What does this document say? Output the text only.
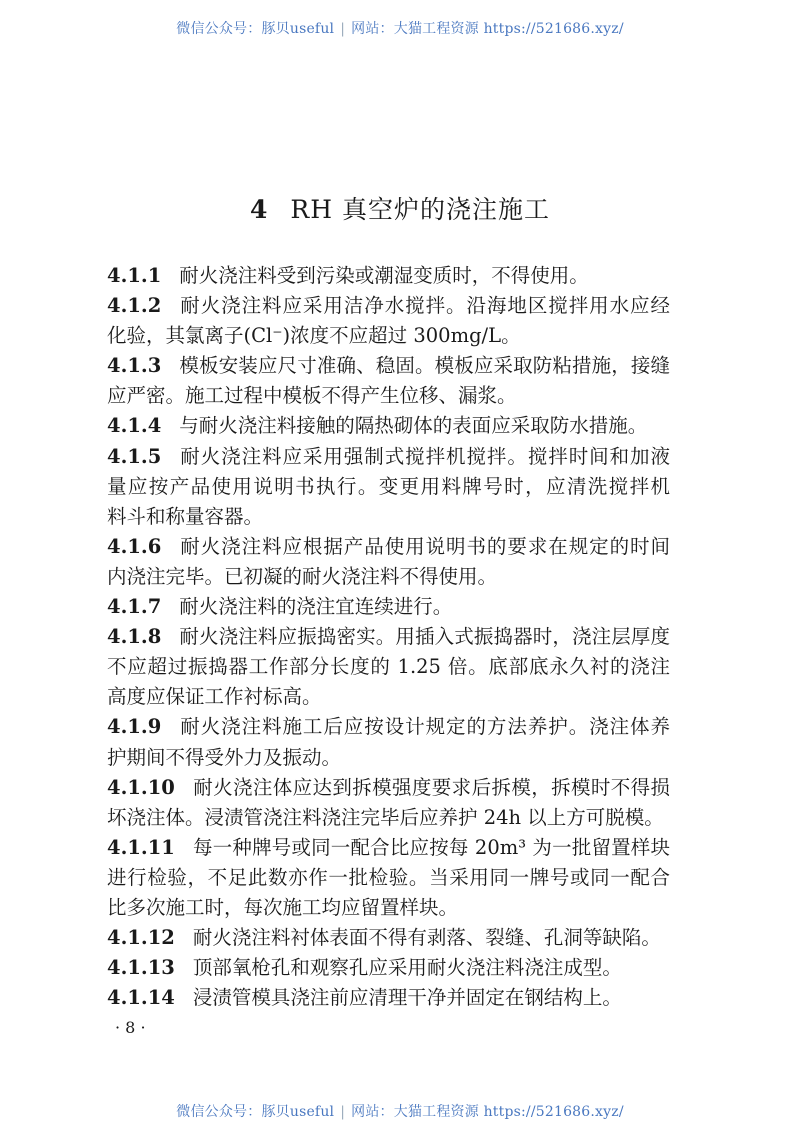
微信公众号：豚贝useful | 网站：大猫工程资源 https://521686.xyz/
4 RH 真空炉的浇注施工
4.1.1 耐火浇注料受到污染或潮湿变质时，不得使用。
4.1.2 耐火浇注料应采用洁净水搅拌。沿海地区搅拌用水应经
化验，其氯离子(Cl⁻)浓度不应超过 300mg/L。
4.1.3 模板安装应尺寸准确、稳固。模板应采取防粘措施，接缝
应严密。施工过程中模板不得产生位移、漏浆。
4.1.4 与耐火浇注料接触的隔热砌体的表面应采取防水措施。
4.1.5 耐火浇注料应采用强制式搅拌机搅拌。搅拌时间和加液
量应按产品使用说明书执行。变更用料牌号时，应清洗搅拌机
料斗和称量容器。
4.1.6 耐火浇注料应根据产品使用说明书的要求在规定的时间
内浇注完毕。已初凝的耐火浇注料不得使用。
4.1.7 耐火浇注料的浇注宜连续进行。
4.1.8 耐火浇注料应振捣密实。用插入式振捣器时，浇注层厚度
不应超过振捣器工作部分长度的 1.25 倍。底部底永久衬的浇注
高度应保证工作衬标高。
4.1.9 耐火浇注料施工后应按设计规定的方法养护。浇注体养
护期间不得受外力及振动。
4.1.10 耐火浇注体应达到拆模强度要求后拆模，拆模时不得损
坏浇注体。浸渍管浇注料浇注完毕后应养护 24h 以上方可脱模。
4.1.11 每一种牌号或同一配合比应按每 20m³ 为一批留置样块
进行检验，不足此数亦作一批检验。当采用同一牌号或同一配合
比多次施工时，每次施工均应留置样块。
4.1.12 耐火浇注料衬体表面不得有剥落、裂缝、孔洞等缺陷。
4.1.13 顶部氧枪孔和观察孔应采用耐火浇注料浇注成型。
4.1.14 浸渍管模具浇注前应清理干净并固定在钢结构上。
· 8 ·
微信公众号：豚贝useful | 网站：大猫工程资源 https://521686.xyz/
